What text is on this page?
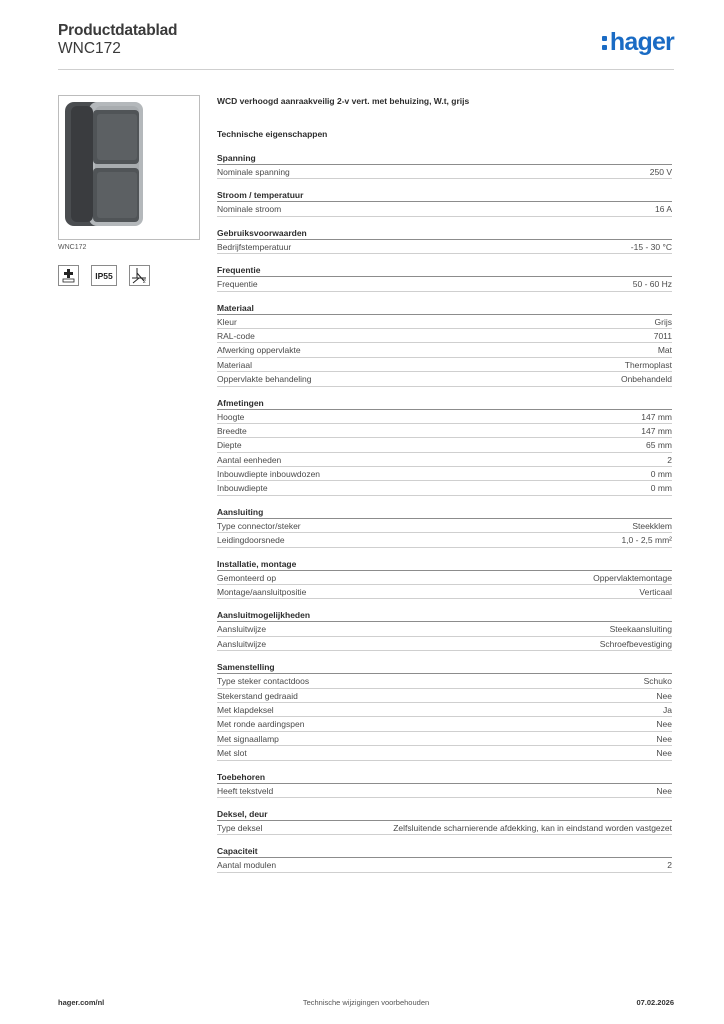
Productdatablad
WNC172	hager
WNC172
IP55
2
WCD verhoogd aanraakveilig 2-v vert. met behuizing, W.t, grijs
Technische eigenschappen
Spanning
Nominale spanning	250 V
Stroom / temperatuur
Nominale stroom	16 A
Gebruiksvoorwaarden
Bedrijfstemperatuur	-15 - 30 °C
Frequentie
Frequentie	50 - 60 Hz
Materiaal
Kleur	Grijs
RAL-code	7011
Afwerking oppervlakte	Mat
Materiaal	Thermoplast
Oppervlakte behandeling	Onbehandeld
Afmetingen
Hoogte	147 mm
Breedte	147 mm
Diepte	65 mm
Aantal eenheden	2
Inbouwdiepte inbouwdozen	0 mm
Inbouwdiepte	0 mm
Aansluiting
Type connector/steker	Steekklem
Leidingdoorsnede	1,0 - 2,5 mm²
Installatie, montage
Gemonteerd op	Oppervlaktemontage
Montage/aansluitpositie	Verticaal
Aansluitmogelijkheden
Aansluitwijze	Steekaansluiting
Aansluitwijze	Schroefbevestiging
Samenstelling
Type steker contactdoos	Schuko
Stekerstand gedraaid	Nee
Met klapdeksel	Ja
Met ronde aardingspen	Nee
Met signaallamp	Nee
Met slot	Nee
Toebehoren
Heeft tekstveld	Nee
Deksel, deur
Type deksel	Zelfsluitende scharnierende afdekking, kan in eindstand worden vastgezet
Capaciteit
Aantal modulen	2
hager.com/nl	Technische wijzigingen voorbehouden	07.02.2026
